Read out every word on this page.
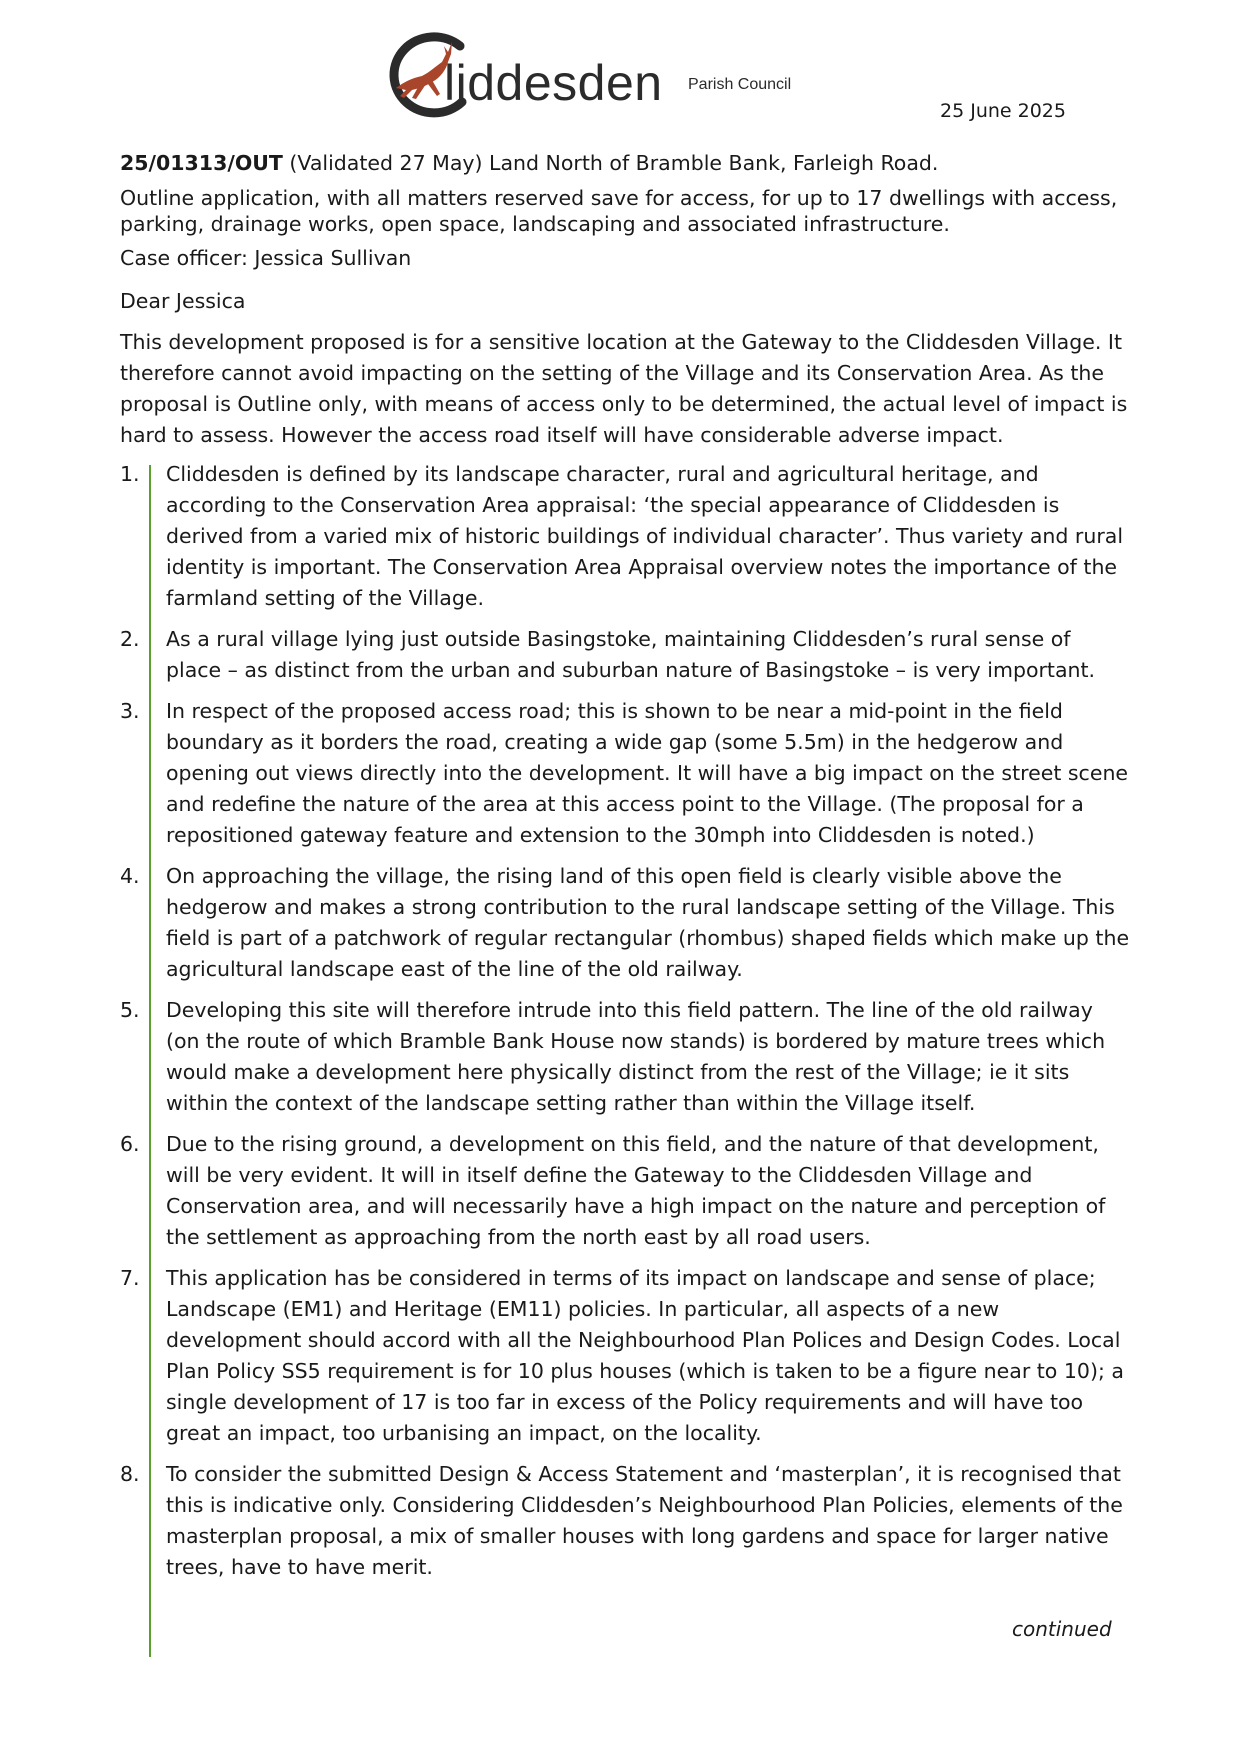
liddesden Parish Council
25 June 2025

25/01313/OUT (Validated 27 May) Land North of Bramble Bank, Farleigh Road.

Outline application, with all matters reserved save for access, for up to 17 dwellings with access, parking, drainage works, open space, landscaping and associated infrastructure.

Case officer: Jessica Sullivan

Dear Jessica

This development proposed is for a sensitive location at the Gateway to the Cliddesden Village. It therefore cannot avoid impacting on the setting of the Village and its Conservation Area. As the proposal is Outline only, with means of access only to be determined, the actual level of impact is hard to assess. However the access road itself will have considerable adverse impact.

1. Cliddesden is defined by its landscape character, rural and agricultural heritage, and according to the Conservation Area appraisal: ‘the special appearance of Cliddesden is derived from a varied mix of historic buildings of individual character’. Thus variety and rural identity is important. The Conservation Area Appraisal overview notes the importance of the farmland setting of the Village.
2. As a rural village lying just outside Basingstoke, maintaining Cliddesden’s rural sense of place – as distinct from the urban and suburban nature of Basingstoke – is very important.
3. In respect of the proposed access road; this is shown to be near a mid-point in the field boundary as it borders the road, creating a wide gap (some 5.5m) in the hedgerow and opening out views directly into the development. It will have a big impact on the street scene and redefine the nature of the area at this access point to the Village. (The proposal for a repositioned gateway feature and extension to the 30mph into Cliddesden is noted.)
4. On approaching the village, the rising land of this open field is clearly visible above the hedgerow and makes a strong contribution to the rural landscape setting of the Village. This field is part of a patchwork of regular rectangular (rhombus) shaped fields which make up the agricultural landscape east of the line of the old railway.
5. Developing this site will therefore intrude into this field pattern. The line of the old railway (on the route of which Bramble Bank House now stands) is bordered by mature trees which would make a development here physically distinct from the rest of the Village; ie it sits within the context of the landscape setting rather than within the Village itself.
6. Due to the rising ground, a development on this field, and the nature of that development, will be very evident. It will in itself define the Gateway to the Cliddesden Village and Conservation area, and will necessarily have a high impact on the nature and perception of the settlement as approaching from the north east by all road users.
7. This application has be considered in terms of its impact on landscape and sense of place; Landscape (EM1) and Heritage (EM11) policies. In particular, all aspects of a new development should accord with all the Neighbourhood Plan Polices and Design Codes. Local Plan Policy SS5 requirement is for 10 plus houses (which is taken to be a figure near to 10); a single development of 17 is too far in excess of the Policy requirements and will have too great an impact, too urbanising an impact, on the locality.
8. To consider the submitted Design & Access Statement and ‘masterplan’, it is recognised that this is indicative only. Considering Cliddesden’s Neighbourhood Plan Policies, elements of the masterplan proposal, a mix of smaller houses with long gardens and space for larger native trees, have to have merit.
continued
